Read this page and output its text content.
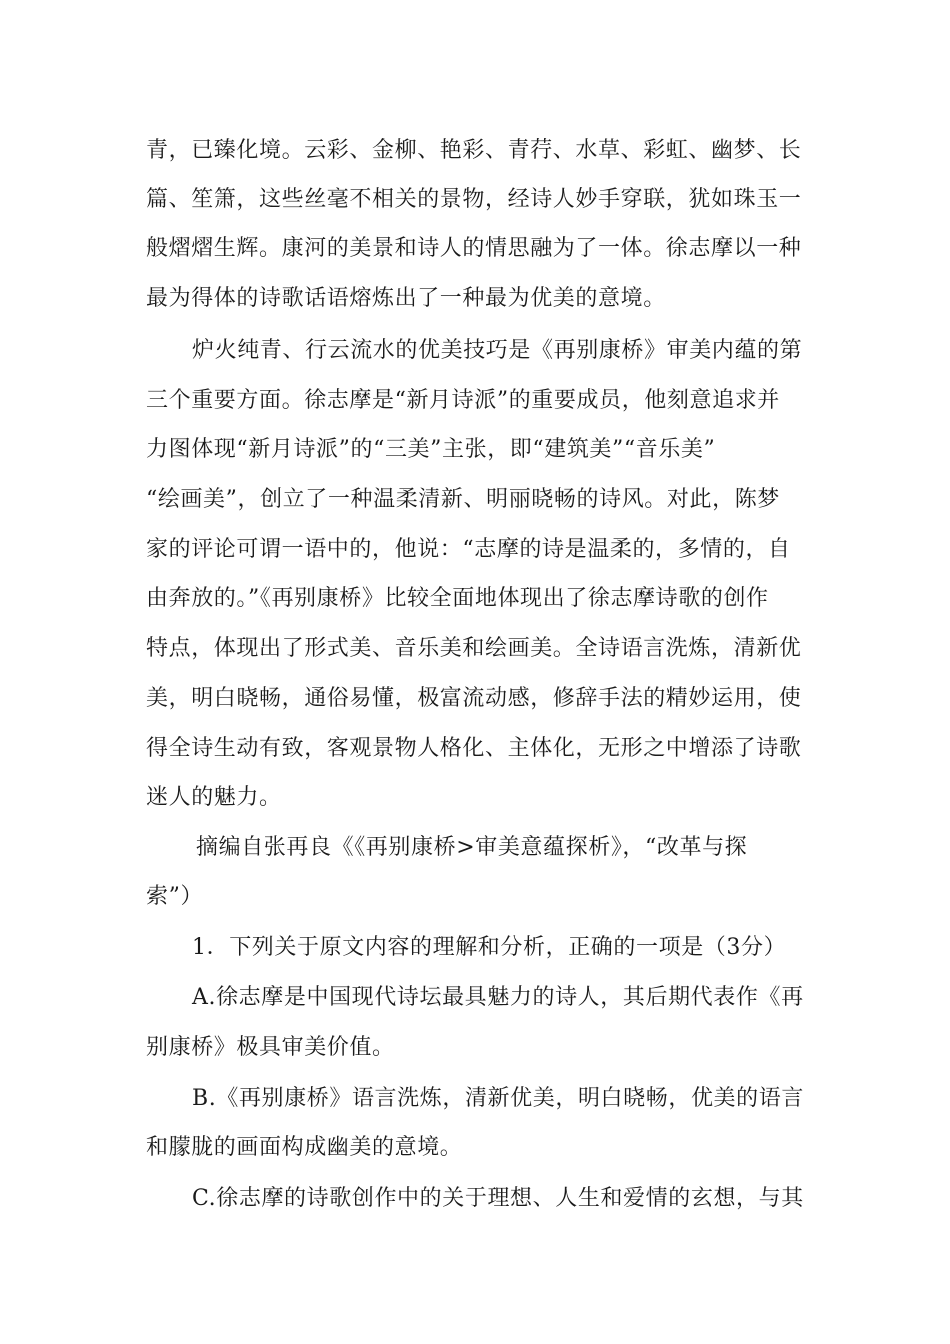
青，已臻化境。云彩、金柳、艳彩、青荇、水草、彩虹、幽梦、长
篇、笙箫，这些丝毫不相关的景物，经诗人妙手穿联，犹如珠玉一
般熠熠生辉。康河的美景和诗人的情思融为了一体。徐志摩以一种
最为得体的诗歌话语熔炼出了一种最为优美的意境。
炉火纯青、行云流水的优美技巧是《再别康桥》审美内蕴的第
三个重要方面。徐志摩是“新月诗派”的重要成员，他刻意追求并
力图体现“新月诗派”的“三美”主张，即“建筑美”“音乐美”
“绘画美”，创立了一种温柔清新、明丽晓畅的诗风。对此，陈梦
家的评论可谓一语中的，他说：“志摩的诗是温柔的，多情的，自
由奔放的。”《再别康桥》比较全面地体现出了徐志摩诗歌的创作
特点，体现出了形式美、音乐美和绘画美。全诗语言洗炼，清新优
美，明白晓畅，通俗易懂，极富流动感，修辞手法的精妙运用，使
得全诗生动有致，客观景物人格化、主体化，无形之中增添了诗歌
迷人的魅力。
摘编自张再良《《再别康桥>审美意蕴探析》，“改革与探
索”）
1．下列关于原文内容的理解和分析，正确的一项是（3分）
A.徐志摩是中国现代诗坛最具魅力的诗人，其后期代表作《再
别康桥》极具审美价值。
B.《再别康桥》语言洗炼，清新优美，明白晓畅，优美的语言
和朦胧的画面构成幽美的意境。
C.徐志摩的诗歌创作中的关于理想、人生和爱情的玄想，与其
